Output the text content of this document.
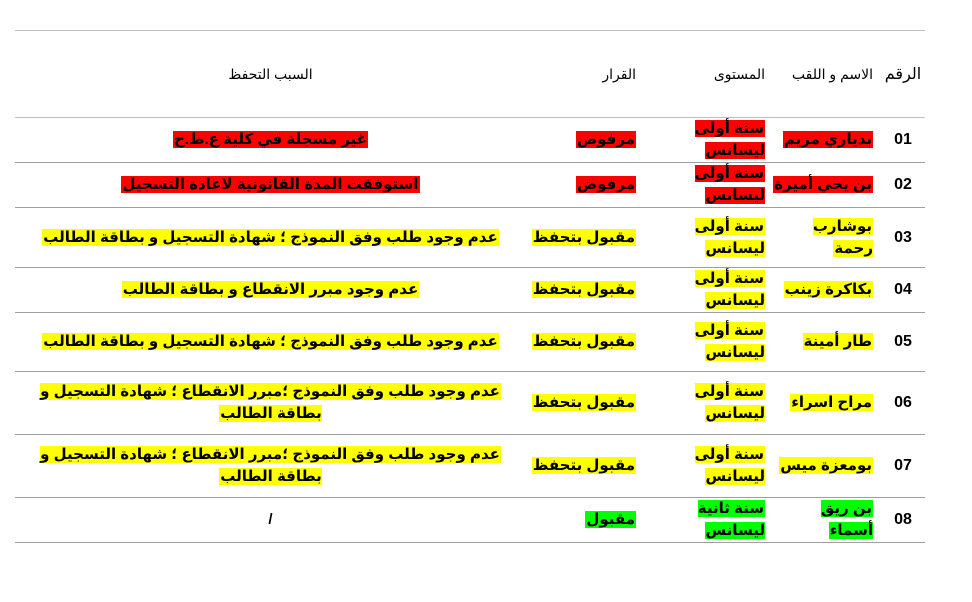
الرقم	الاسم و اللقب	المستوى	القرار	السبب التحفظ
01	بدياري مريم	سنة أولى ليسانس	مرفوض	غير مسجلة في كلية ع.ط.ح
02	بن يحي أميرة	سنة أولى ليسانس	مرفوض	استوفقت المدة القانونية لاعادة التسجيل
03	بوشارب رحمة	سنة أولى ليسانس	مقبول بتحفظ	عدم وجود طلب وفق النموذج ؛ شهادة التسجيل و بطاقة الطالب
04	بكاكرة زينب	سنة أولى ليسانس	مقبول بتحفظ	عدم وجود مبرر الانقطاع و بطاقة الطالب
05	طار أمينة	سنة أولى ليسانس	مقبول بتحفظ	عدم وجود طلب وفق النموذج ؛ شهادة التسجيل و بطاقة الطالب
06	مراح اسراء	سنة أولى ليسانس	مقبول بتحفظ	عدم وجود طلب وفق النموذج ؛مبرر الانقطاع ؛ شهادة التسجيل و بطاقة الطالب
07	بومعزة ميس	سنة أولى ليسانس	مقبول بتحفظ	عدم وجود طلب وفق النموذج ؛مبرر الانقطاع ؛ شهادة التسجيل و بطاقة الطالب
08	بن ريق أسماء	سنة ثانية ليسانس	مقبول	/
